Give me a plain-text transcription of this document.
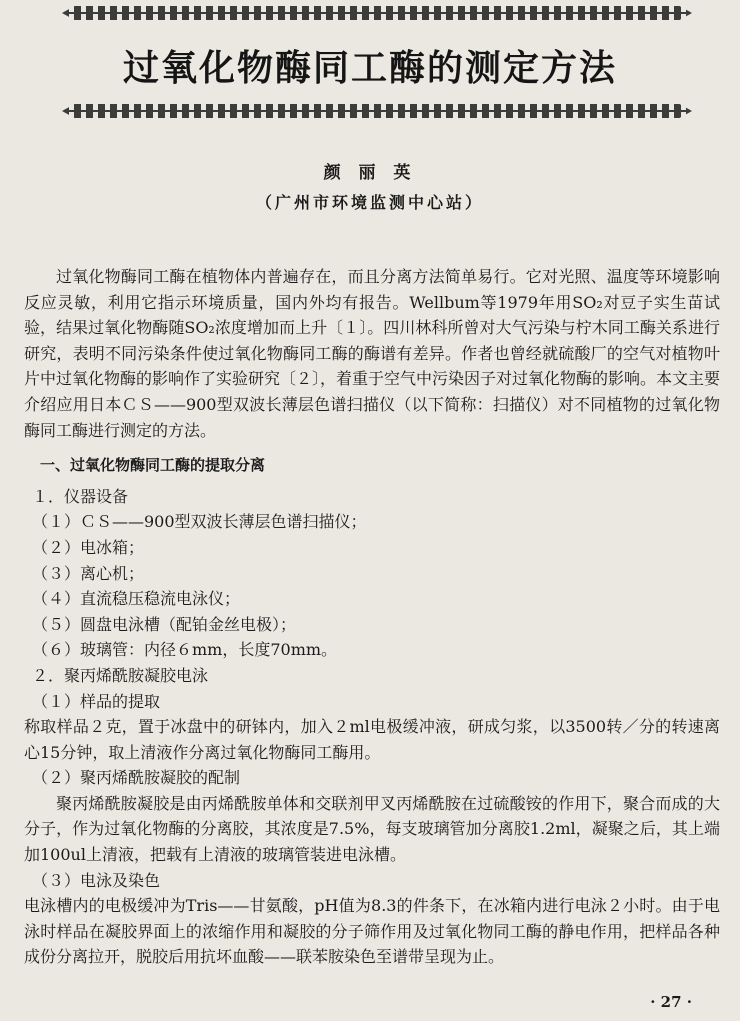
过氧化物酶同工酶的测定方法
颜 丽 英
（广州市环境监测中心站）

过氧化物酶同工酶在植物体内普遍存在，而且分离方法简单易行。它对光照、温度等环境影响反应灵敏，利用它指示环境质量，国内外均有报告。Wellbum等1979年用SO₂对豆子实生苗试验，结果过氧化物酶随SO₂浓度增加而上升〔１〕。四川林科所曾对大气污染与柠木同工酶关系进行研究，表明不同污染条件使过氧化物酶同工酶的酶谱有差异。作者也曾经就硫酸厂的空气对植物叶片中过氧化物酶的影响作了实验研究〔２〕，着重于空气中污染因子对过氧化物酶的影响。本文主要介绍应用日本ＣＳ——900型双波长薄层色谱扫描仪（以下简称：扫描仪）对不同植物的过氧化物酶同工酶进行测定的方法。

一、过氧化物酶同工酶的提取分离

１．仪器设备

（１）ＣＳ——900型双波长薄层色谱扫描仪；

（２）电冰箱；

（３）离心机；

（４）直流稳压稳流电泳仪；

（５）圆盘电泳槽（配铂金丝电极）；

（６）玻璃管：内径６mm，长度70mm。

２．聚丙烯酰胺凝胶电泳

（１）样品的提取

称取样品２克，置于冰盘中的研钵内，加入２ml电极缓冲液，研成匀浆，以3500转／分的转速离心15分钟，取上清液作分离过氧化物酶同工酶用。

（２）聚丙烯酰胺凝胶的配制

聚丙烯酰胺凝胶是由丙烯酰胺单体和交联剂甲叉丙烯酰胺在过硫酸铵的作用下，聚合而成的大分子，作为过氧化物酶的分离胶，其浓度是7.5%，每支玻璃管加分离胶1.2ml，凝聚之后，其上端加100ul上清液，把载有上清液的玻璃管装进电泳槽。

（３）电泳及染色

电泳槽内的电极缓冲为Tris——甘氨酸，pH值为8.3的件条下，在冰箱内进行电泳２小时。由于电泳时样品在凝胶界面上的浓缩作用和凝胶的分子筛作用及过氧化物同工酶的静电作用，把样品各种成份分离拉开，脱胶后用抗坏血酸——联苯胺染色至谱带呈现为止。

· 27 ·
